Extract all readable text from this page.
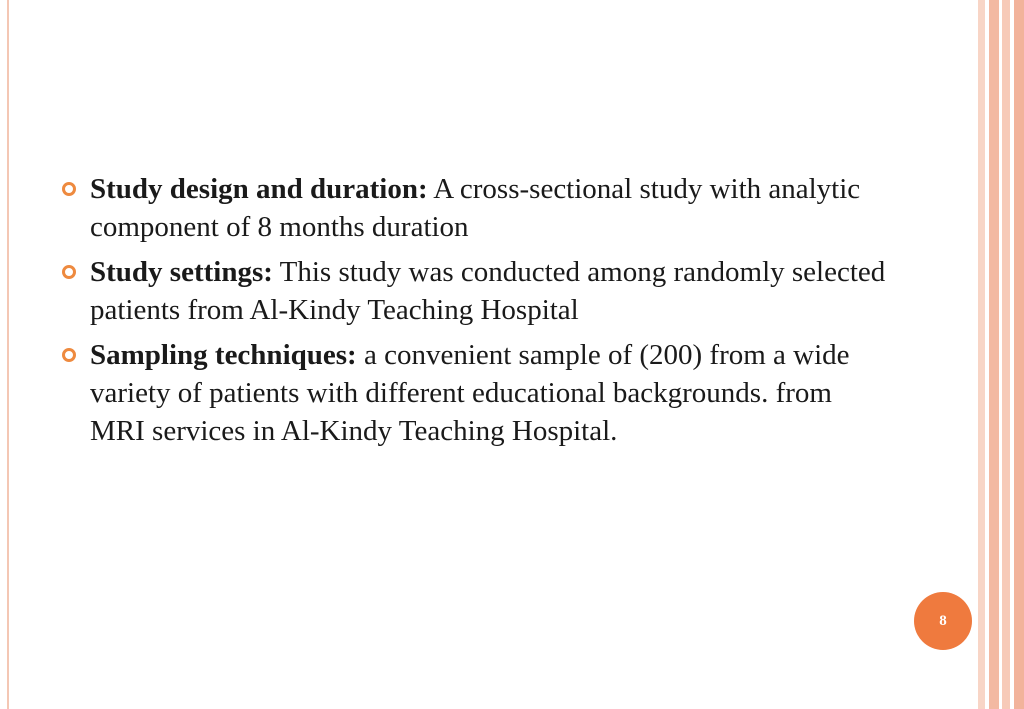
Study design and duration: A cross-sectional study with analytic component of 8 months duration
Study settings: This study was conducted among randomly selected patients from Al-Kindy Teaching Hospital
Sampling techniques: a convenient sample of (200) from a wide variety of patients with different educational backgrounds. from MRI services in Al-Kindy Teaching Hospital.
8
